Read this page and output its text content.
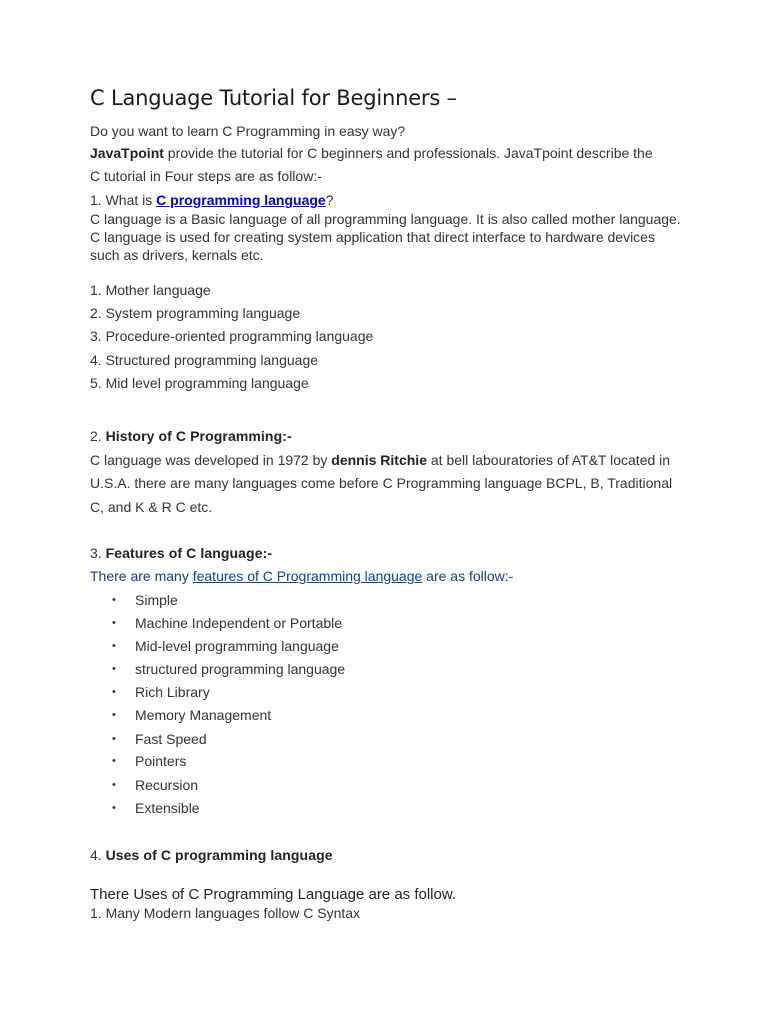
C Language Tutorial for Beginners –
Do you want to learn C Programming in easy way?
JavaTpoint provide the tutorial for C beginners and professionals. JavaTpoint describe the
C tutorial in Four steps are as follow:-
1. What is C programming language?
C language is a Basic language of all programming language. It is also called mother language.
C language is used for creating system application that direct interface to hardware devices
such as drivers, kernals etc.
1. Mother language
2. System programming language
3. Procedure-oriented programming language
4. Structured programming language
5. Mid level programming language
2. History of C Programming:-
C language was developed in 1972 by dennis Ritchie at bell labouratories of AT&T located in
U.S.A. there are many languages come before C Programming language BCPL, B, Traditional
C, and K & R C etc.
3. Features of C language:-
There are many features of C Programming language are as follow:-
• Simple
• Machine Independent or Portable
• Mid-level programming language
• structured programming language
• Rich Library
• Memory Management
• Fast Speed
• Pointers
• Recursion
• Extensible
4. Uses of C programming language
There Uses of C Programming Language are as follow.
1. Many Modern languages follow C Syntax
